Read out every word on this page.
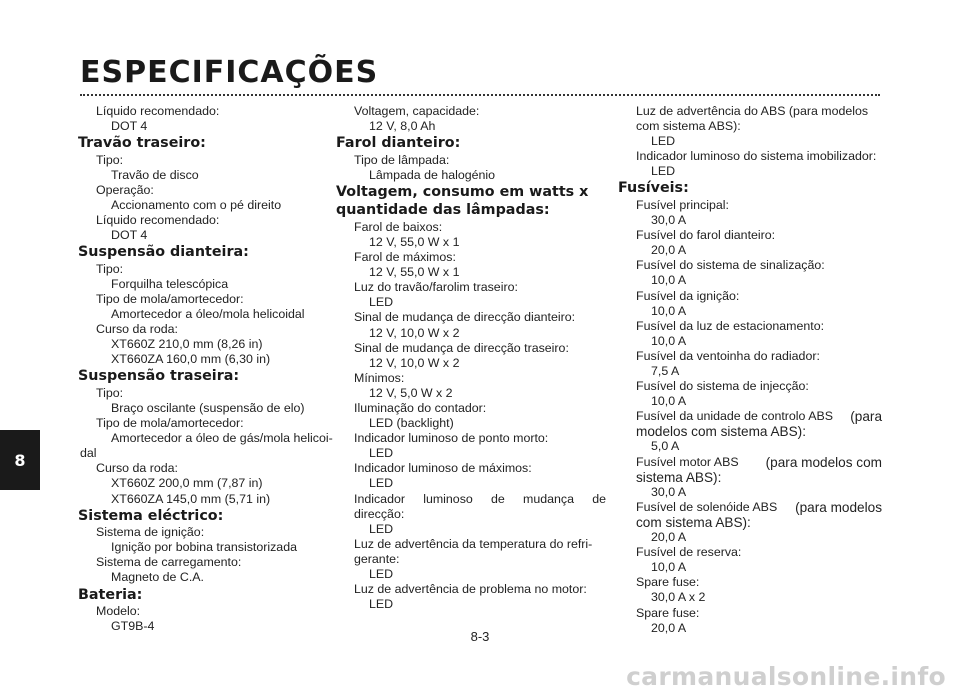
ESPECIFICAÇÕES
8
Líquido recomendado:
DOT 4
Travão traseiro:
Tipo:
Travão de disco
Operação:
Accionamento com o pé direito
Líquido recomendado:
DOT 4
Suspensão dianteira:
Tipo:
Forquilha telescópica
Tipo de mola/amortecedor:
Amortecedor a óleo/mola helicoidal
Curso da roda:
XT660Z 210,0 mm (8,26 in)
XT660ZA 160,0 mm (6,30 in)
Suspensão traseira:
Tipo:
Braço oscilante (suspensão de elo)
Tipo de mola/amortecedor:
Amortecedor a óleo de gás/mola helicoi-
dal
Curso da roda:
XT660Z 200,0 mm (7,87 in)
XT660ZA 145,0 mm (5,71 in)
Sistema eléctrico:
Sistema de ignição:
Ignição por bobina transistorizada
Sistema de carregamento:
Magneto de C.A.
Bateria:
Modelo:
GT9B-4
Voltagem, capacidade:
12 V, 8,0 Ah
Farol dianteiro:
Tipo de lâmpada:
Lâmpada de halogénio
Voltagem, consumo em watts x
quantidade das lâmpadas:
Farol de baixos:
12 V, 55,0 W x 1
Farol de máximos:
12 V, 55,0 W x 1
Luz do travão/farolim traseiro:
LED
Sinal de mudança de direcção dianteiro:
12 V, 10,0 W x 2
Sinal de mudança de direcção traseiro:
12 V, 10,0 W x 2
Mínimos:
12 V, 5,0 W x 2
Iluminação do contador:
LED (backlight)
Indicador luminoso de ponto morto:
LED
Indicador luminoso de máximos:
LED
Indicador luminoso de mudança de
direcção:
LED
Luz de advertência da temperatura do refri-
gerante:
LED
Luz de advertência de problema no motor:
LED
Luz de advertência do ABS (para modelos
com sistema ABS):
LED
Indicador luminoso do sistema imobilizador:
LED
Fusíveis:
Fusível principal:
30,0 A
Fusível do farol dianteiro:
20,0 A
Fusível do sistema de sinalização:
10,0 A
Fusível da ignição:
10,0 A
Fusível da luz de estacionamento:
10,0 A
Fusível da ventoinha do radiador:
7,5 A
Fusível do sistema de injecção:
10,0 A
Fusível da unidade de controlo ABS (para
modelos com sistema ABS):
5,0 A
Fusível motor ABS (para modelos com
sistema ABS):
30,0 A
Fusível de solenóide ABS (para modelos
com sistema ABS):
20,0 A
Fusível de reserva:
10,0 A
Spare fuse:
30,0 A x 2
Spare fuse:
20,0 A
8-3
carmanualsonline.info
